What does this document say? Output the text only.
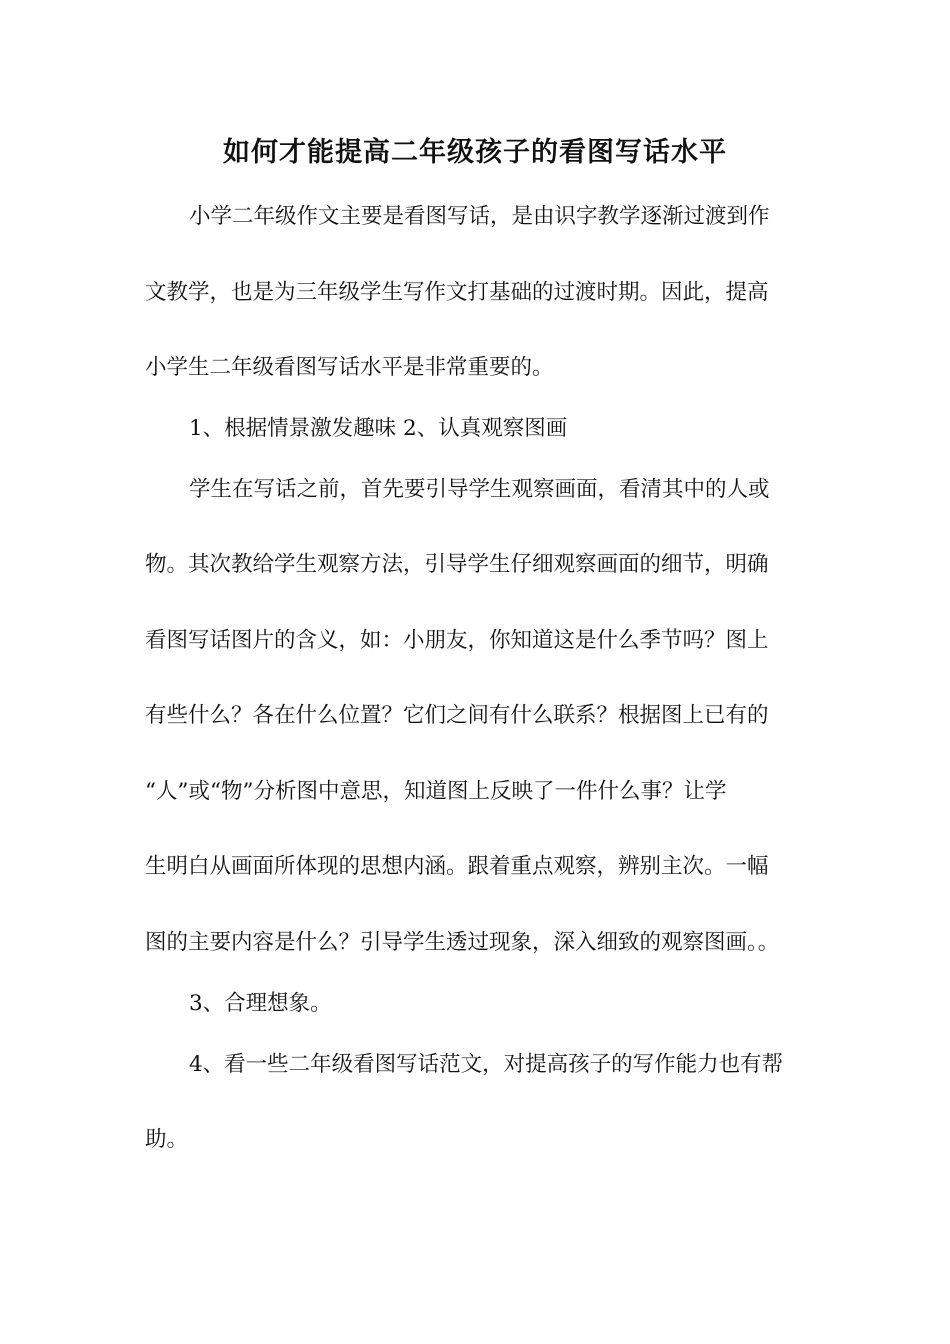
如何才能提高二年级孩子的看图写话水平
小学二年级作文主要是看图写话，是由识字教学逐渐过渡到作
文教学，也是为三年级学生写作文打基础的过渡时期。因此，提高
小学生二年级看图写话水平是非常重要的。
1、根据情景激发趣味 2、认真观察图画
学生在写话之前，首先要引导学生观察画面，看清其中的人或
物。其次教给学生观察方法，引导学生仔细观察画面的细节，明确
看图写话图片的含义，如：小朋友，你知道这是什么季节吗？图上
有些什么？各在什么位置？它们之间有什么联系？根据图上已有的
“人”或“物”分析图中意思，知道图上反映了一件什么事？让学
生明白从画面所体现的思想内涵。跟着重点观察，辨别主次。一幅
图的主要内容是什么？引导学生透过现象，深入细致的观察图画。。
3、合理想象。
4、看一些二年级看图写话范文，对提高孩子的写作能力也有帮
助。
